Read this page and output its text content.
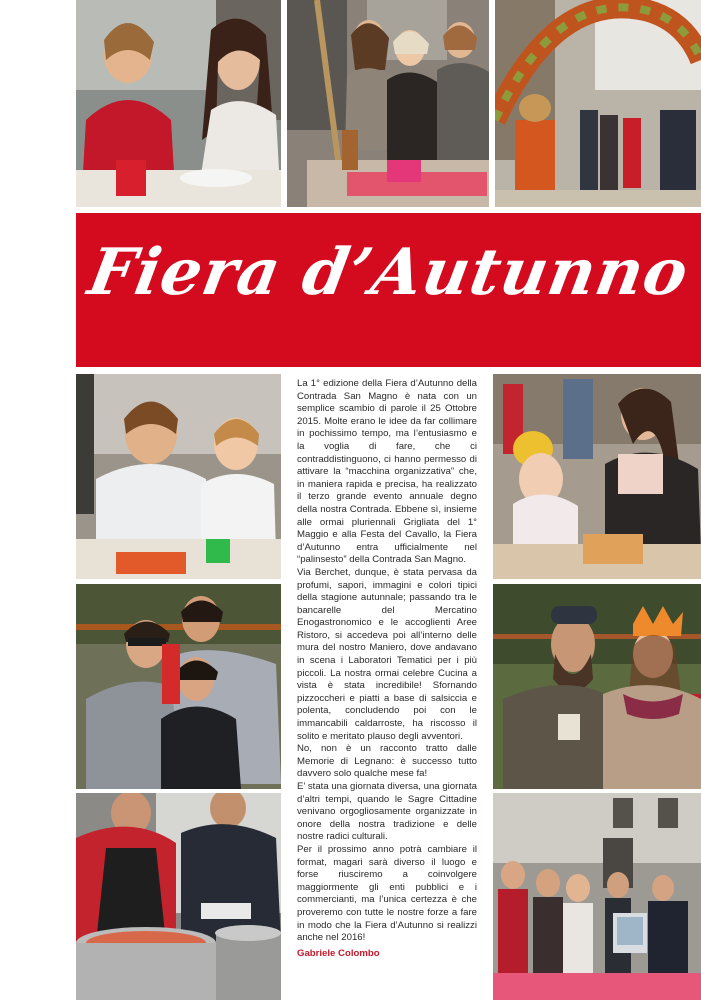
Fiera d’Autunno

La 1° edizione della Fiera d’Autunno della Contrada San Magno è nata con un semplice scambio di parole il 25 Ottobre 2015. Molte erano le idee da far collimare in pochissimo tempo, ma l’entusiasmo e la voglia di fare, che ci contraddistinguono, ci hanno permesso di attivare la “macchina organizzativa” che, in maniera rapida e precisa, ha realizzato il terzo grande evento annuale degno della nostra Contrada. Ebbene sì, insieme alle ormai pluriennali Grigliata del 1° Maggio e alla Festa del Cavallo, la Fiera d’Autunno entra ufficialmente nel “palinsesto” della Contrada San Magno.

Via Berchet, dunque, è stata pervasa da profumi, sapori, immagini e colori tipici della stagione autunnale; passando tra le bancarelle del Mercatino Enogastronomico e le accoglienti Aree Ristoro, si accedeva poi all’interno delle mura del nostro Maniero, dove andavano in scena i Laboratori Tematici per i più piccoli. La nostra ormai celebre Cucina a vista è stata incredibile! Sfornando pizzoccheri e piatti a base di salsiccia e polenta, concludendo poi con le immancabili caldarroste, ha riscosso il solito e meritato plauso degli avventori.

No, non è un racconto tratto dalle Memorie di Legnano: è successo tutto davvero solo qualche mese fa!

E’ stata una giornata diversa, una giornata d’altri tempi, quando le Sagre Cittadine venivano orgogliosamente organizzate in onore della nostra tradizione e delle nostre radici culturali.

Per il prossimo anno potrà cambiare il format, magari sarà diverso il luogo e forse riusciremo a coinvolgere maggiormente gli enti pubblici e i commercianti, ma l’unica certezza è che proveremo con tutte le nostre forze a fare in modo che la Fiera d’Autunno si realizzi anche nel 2016!

Gabriele Colombo
